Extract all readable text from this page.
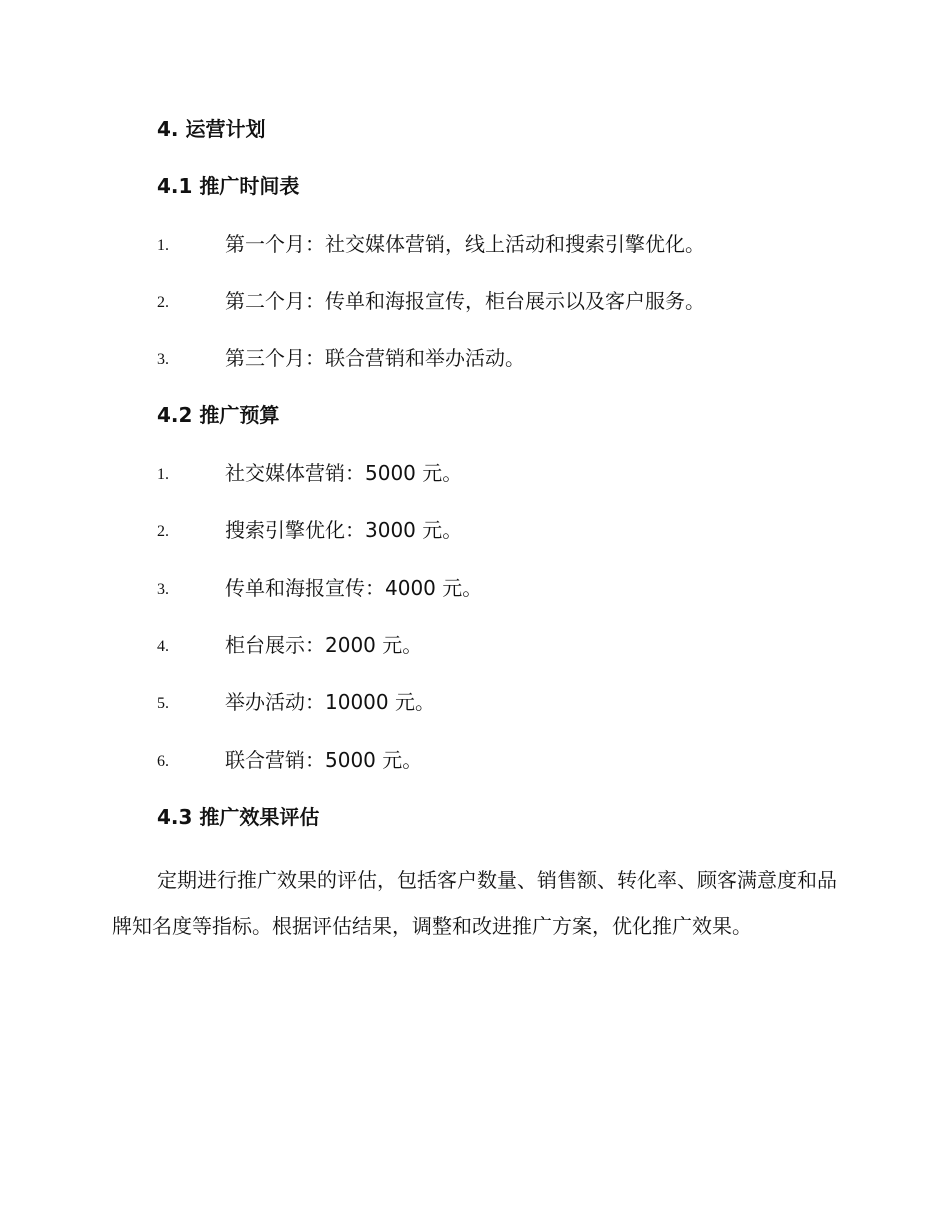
4. 运营计划
4.1 推广时间表
1.	第一个月：社交媒体营销，线上活动和搜索引擎优化。
2.	第二个月：传单和海报宣传，柜台展示以及客户服务。
3.	第三个月：联合营销和举办活动。
4.2 推广预算
1.	社交媒体营销：5000 元。
2.	搜索引擎优化：3000 元。
3.	传单和海报宣传：4000 元。
4.	柜台展示：2000 元。
5.	举办活动：10000 元。
6.	联合营销：5000 元。
4.3 推广效果评估

定期进行推广效果的评估，包括客户数量、销售额、转化率、顾客满意度和品牌知名度等指标。根据评估结果，调整和改进推广方案，优化推广效果。
